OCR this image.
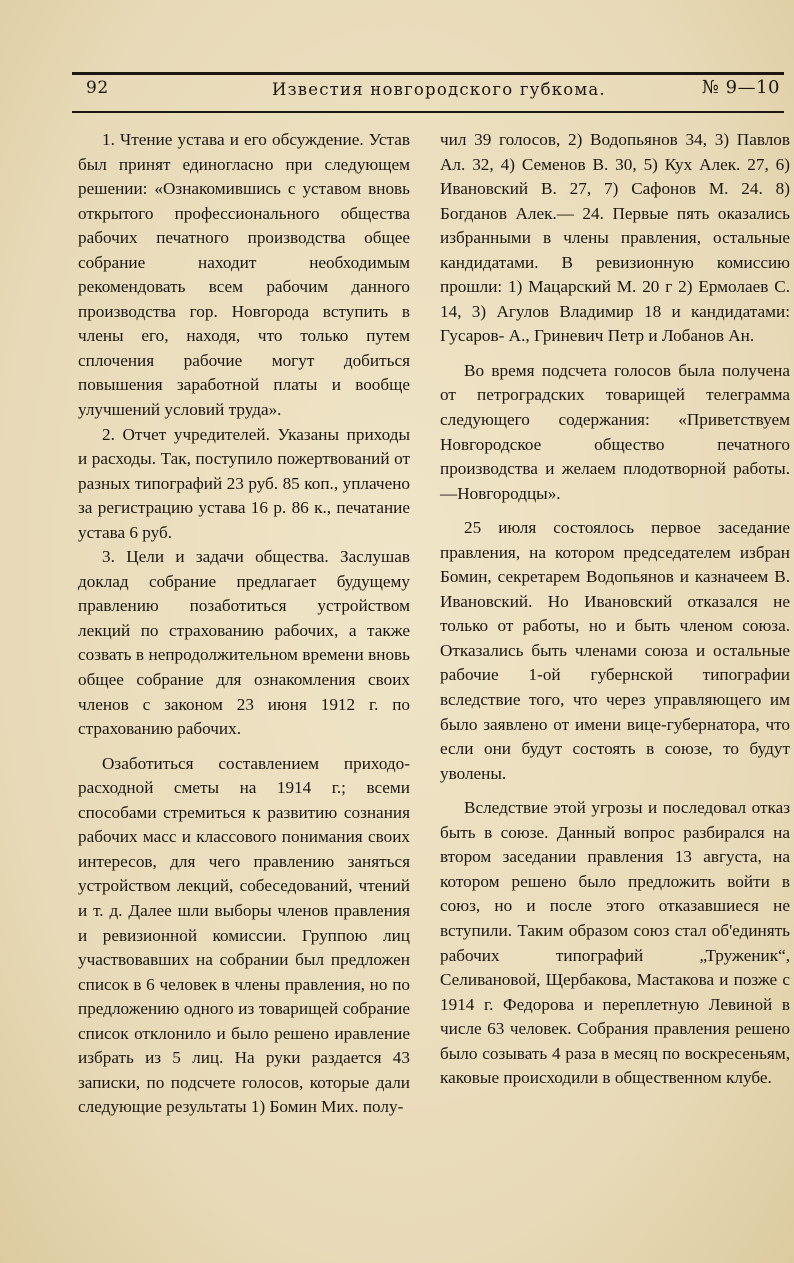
92	Известия новгородского губкома.	№ 9—10

1. Чтение устава и его обсуждение. Устав был принят единогласно при следующем решении: «Ознакомившись с уставом вновь открытого профессионального общества рабочих печатного производства общее собрание находит необходимым рекомендовать всем рабочим данного производства гор. Новгорода вступить в члены его, находя, что только путем сплочения рабочие могут добиться повышения заработной платы и вообще улучшений условий труда».

2. Отчет учредителей. Указаны приходы и расходы. Так, поступило пожертвований от разных типографий 23 руб. 85 коп., уплачено за регистрацию устава 16 р. 86 к., печатание устава 6 руб.

3. Цели и задачи общества. Заслушав доклад собрание предлагает будущему правлению позаботиться устройством лекций по страхованию рабочих, а также созвать в непродолжительном времени вновь общее собрание для ознакомления своих членов с законом 23 июня 1912 г. по страхованию рабочих.

Озаботиться составлением приходо-расходной сметы на 1914 г.; всеми способами стремиться к развитию сознания рабочих масс и классового понимания своих интересов, для чего правлению заняться устройством лекций, собеседований, чтений и т. д. Далее шли выборы членов правления и ревизионной комиссии. Группою лиц участвовавших на собрании был предложен список в 6 человек в члены правления, но по предложению одного из товарищей собрание список отклонило и было решено иравление избрать из 5 лиц. На руки раздается 43 записки, по подсчете голосов, которые дали следующие результаты 1) Бомин Мих. полу-

чил 39 голосов, 2) Водопьянов 34, 3) Павлов Ал. 32, 4) Семенов В. 30, 5) Кух Алек. 27, 6) Ивановский В. 27, 7) Сафонов М. 24. 8) Богданов Алек.— 24. Первые пять оказались избранными в члены правления, остальные кандидатами. В ревизионную комиссию прошли: 1) Мацарский М. 20 г 2) Ермолаев С. 14, 3) Агулов Владимир 18 и кандидатами: Гусаров- А., Гриневич Петр и Лобанов Ан.

Во время подсчета голосов была получена от петроградских товарищей телеграмма следующего содержания: «Приветствуем Новгородское общество печатного производства и желаем плодотворной работы.—Новгородцы».

25 июля состоялось первое заседание правления, на котором председателем избран Бомин, секретарем Водопьянов и казначеем В. Ивановский. Но Ивановский отказался не только от работы, но и быть членом союза. Отказались быть членами союза и остальные рабочие 1-ой губернской типографии вследствие того, что через управляющего им было заявлено от имени вице-губернатора, что если они будут состоять в союзе, то будут уволены.

Вследствие этой угрозы и последовал отказ быть в союзе. Данный вопрос разбирался на втором заседании правления 13 августа, на котором решено было предложить войти в союз, но и после этого отказавшиеся не вступили. Таким образом союз стал об'единять рабочих типографий „Труженик“, Селивановой, Щербакова, Мастакова и позже с 1914 г. Федорова и переплетную Левиной в числе 63 человек. Собрания правления решено было созывать 4 раза в месяц по воскресеньям, каковые происходили в общественном клубе.
